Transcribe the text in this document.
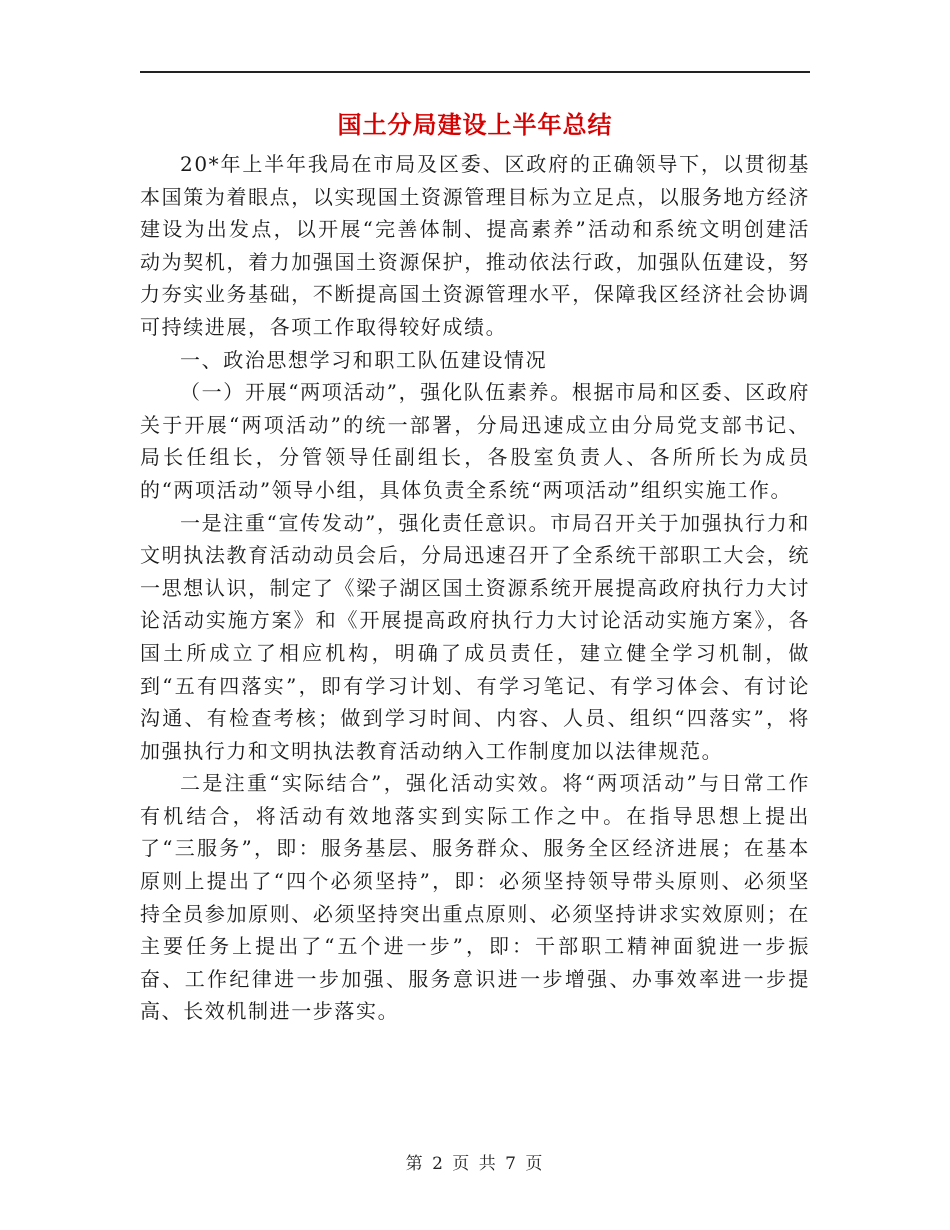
国土分局建设上半年总结

20*年上半年我局在市局及区委、区政府的正确领导下，以贯彻基本国策为着眼点，以实现国土资源管理目标为立足点，以服务地方经济建设为出发点，以开展“完善体制、提高素养”活动和系统文明创建活动为契机，着力加强国土资源保护，推动依法行政，加强队伍建设，努力夯实业务基础，不断提高国土资源管理水平，保障我区经济社会协调可持续进展，各项工作取得较好成绩。

一、政治思想学习和职工队伍建设情况

（一）开展“两项活动”，强化队伍素养。根据市局和区委、区政府关于开展“两项活动”的统一部署，分局迅速成立由分局党支部书记、局长任组长，分管领导任副组长，各股室负责人、各所所长为成员的“两项活动”领导小组，具体负责全系统“两项活动”组织实施工作。

一是注重“宣传发动”，强化责任意识。市局召开关于加强执行力和文明执法教育活动动员会后，分局迅速召开了全系统干部职工大会，统一思想认识，制定了《梁子湖区国土资源系统开展提高政府执行力大讨论活动实施方案》和《开展提高政府执行力大讨论活动实施方案》，各国土所成立了相应机构，明确了成员责任，建立健全学习机制，做到“五有四落实”，即有学习计划、有学习笔记、有学习体会、有讨论沟通、有检查考核；做到学习时间、内容、人员、组织“四落实”，将加强执行力和文明执法教育活动纳入工作制度加以法律规范。

二是注重“实际结合”，强化活动实效。将“两项活动”与日常工作有机结合，将活动有效地落实到实际工作之中。在指导思想上提出了“三服务”，即：服务基层、服务群众、服务全区经济进展；在基本原则上提出了“四个必须坚持”，即：必须坚持领导带头原则、必须坚持全员参加原则、必须坚持突出重点原则、必须坚持讲求实效原则；在主要任务上提出了“五个进一步”，即：干部职工精神面貌进一步振奋、工作纪律进一步加强、服务意识进一步增强、办事效率进一步提高、长效机制进一步落实。

第 2 页 共 7 页
